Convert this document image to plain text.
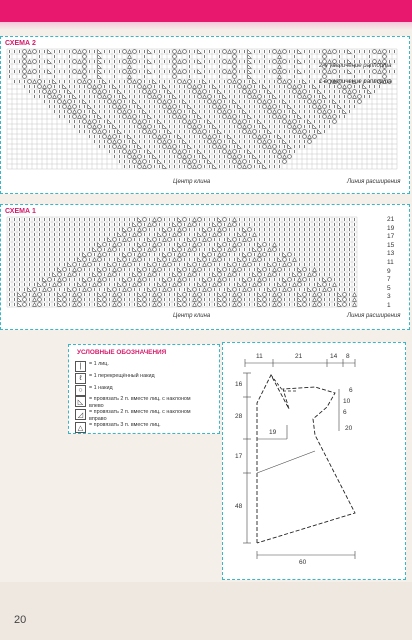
СХЕМА 2
2-е увеличение раппорта
1-е увеличение раппорта
Центр клина	Линия расширения
СХЕМА 1
21
19
17
15
13
11
9
7
5
3
1
Центр клина	Линия расширения
УСЛОВНЫЕ ОБОЗНАЧЕНИЯ
|	= 1 лиц.
ℓ	= 1 перекрещённый накид
○	= 1 накид
◺	= провязать 2 п. вместе лиц. с наклоном влево
◿	= провязать 2 п. вместе лиц. с наклоном вправо
△	= провязать 3 п. вместе лиц.
11	21	14 8
16
28
17
48
19
6
10
6
20
60
20
